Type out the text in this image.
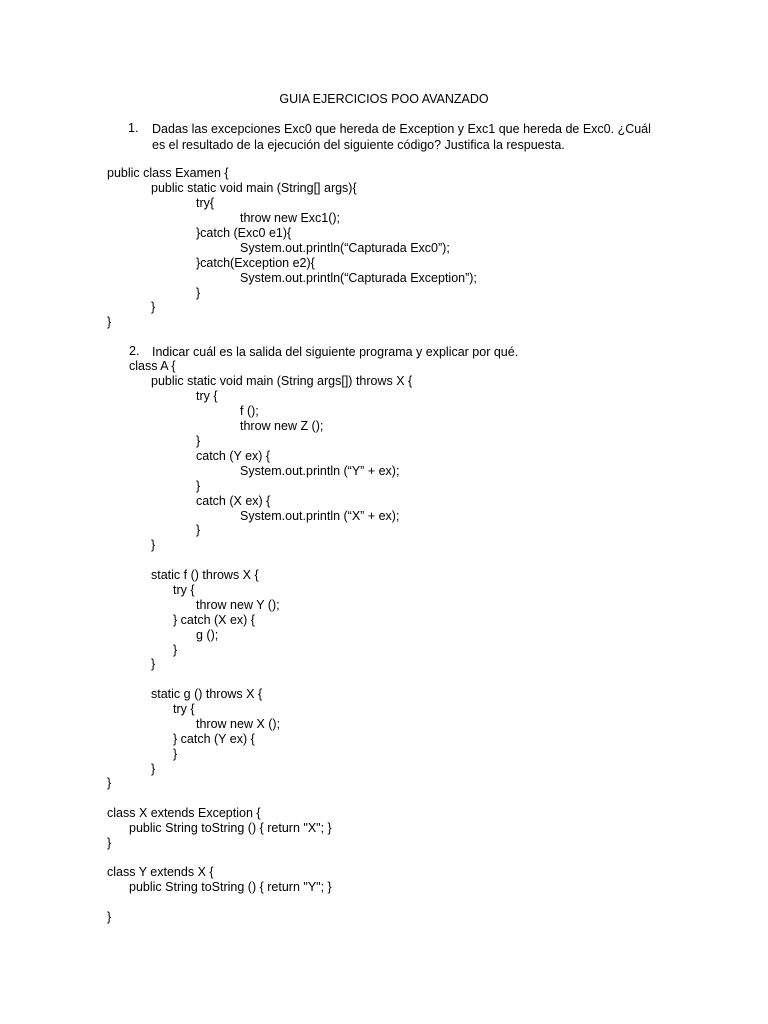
GUIA EJERCICIOS POO AVANZADO
1. Dadas las excepciones Exc0 que hereda de Exception y Exc1 que hereda de Exc0. ¿Cuál
es el resultado de la ejecución del siguiente código? Justifica la respuesta.
public class Examen {
public static void main (String[] args){
try{
throw new Exc1();
}catch (Exc0 e1){
System.out.println(“Capturada Exc0”);
}catch(Exception e2){
System.out.println(“Capturada Exception”);
}
}
}
2. Indicar cuál es la salida del siguiente programa y explicar por qué.
class A {
public static void main (String args[]) throws X {
try {
f ();
throw new Z ();
}
catch (Y ex) {
System.out.println (“Y” + ex);
}
catch (X ex) {
System.out.println (“X” + ex);
}
}
static f () throws X {
try {
throw new Y ();
} catch (X ex) {
g ();
}
}
static g () throws X {
try {
throw new X ();
} catch (Y ex) {
}
}
}
class X extends Exception {
public String toString () { return "X"; }
}
class Y extends X {
public String toString () { return "Y"; }
}
